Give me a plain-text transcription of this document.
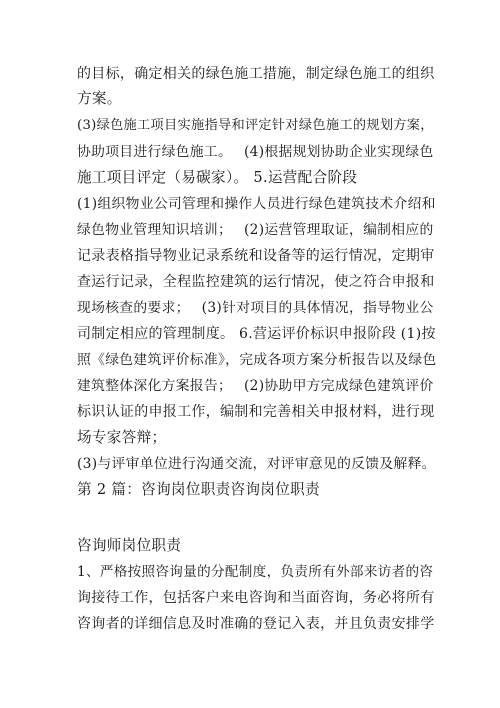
的目标，确定相关的绿色施工措施，制定绿色施工的组织
方案。
(3)绿色施工项目实施指导和评定针对绿色施工的规划方案，
协助项目进行绿色施工。　 (4)根据规划协助企业实现绿色
施工项目评定（易碳家）。 5.运营配合阶段
(1)组织物业公司管理和操作人员进行绿色建筑技术介绍和
绿色物业管理知识培训；　 (2)运营管理取证，编制相应的
记录表格指导物业记录系统和设备等的运行情况，定期审
查运行记录，全程监控建筑的运行情况，使之符合申报和
现场核查的要求；　 (3)针对项目的具体情况，指导物业公
司制定相应的管理制度。 6.营运评价标识申报阶段 (1)按
照《绿色建筑评价标准》，完成各项方案分析报告以及绿色
建筑整体深化方案报告；　 (2)协助甲方完成绿色建筑评价
标识认证的申报工作，编制和完善相关申报材料，进行现
场专家答辩；
(3)与评审单位进行沟通交流，对评审意见的反馈及解释。
第 2 篇：咨询岗位职责咨询岗位职责
咨询师岗位职责
1、严格按照咨询量的分配制度，负责所有外部来访者的咨
询接待工作，包括客户来电咨询和当面咨询，务必将所有
咨询者的详细信息及时准确的登记入表，并且负责安排学
